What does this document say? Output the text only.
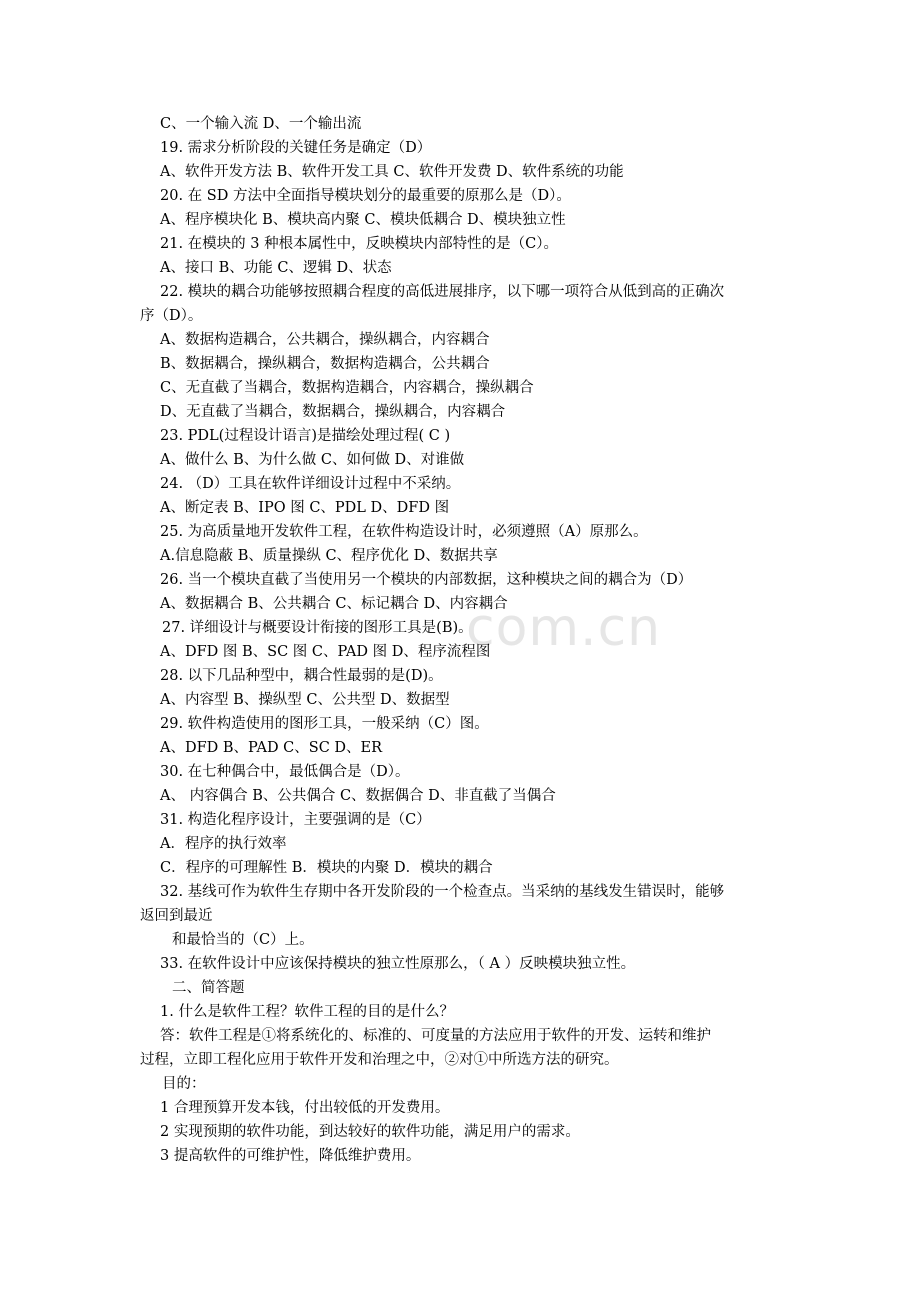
com.cn
C、一个输入流 D、一个输出流
19. 需求分析阶段的关键任务是确定（D）
A、软件开发方法 B、软件开发工具 C、软件开发费 D、软件系统的功能
20. 在 SD 方法中全面指导模块划分的最重要的原那么是（D）。
A、程序模块化 B、模块高内聚 C、模块低耦合 D、模块独立性
21. 在模块的 3 种根本属性中，反映模块内部特性的是（C）。
A、接口 B、功能 C、逻辑 D、状态
22. 模块的耦合功能够按照耦合程度的高低进展排序，以下哪一项符合从低到高的正确次
序（D）。
A、数据构造耦合，公共耦合，操纵耦合，内容耦合
B、数据耦合，操纵耦合，数据构造耦合，公共耦合
C、无直截了当耦合，数据构造耦合，内容耦合，操纵耦合
D、无直截了当耦合，数据耦合，操纵耦合，内容耦合
23. PDL(过程设计语言)是描绘处理过程( C )
A、做什么 B、为什么做 C、如何做 D、对谁做
24. （D）工具在软件详细设计过程中不采纳。
A、断定表 B、IPO 图 C、PDL D、DFD 图
25. 为高质量地开发软件工程，在软件构造设计时，必须遵照（A）原那么。
A.信息隐蔽 B、质量操纵 C、程序优化 D、数据共享
26. 当一个模块直截了当使用另一个模块的内部数据，这种模块之间的耦合为（D）
A、数据耦合 B、公共耦合 C、标记耦合 D、内容耦合
27. 详细设计与概要设计衔接的图形工具是(B)。
A、DFD 图 B、SC 图 C、PAD 图 D、程序流程图
28. 以下几品种型中，耦合性最弱的是(D)。
A、内容型 B、操纵型 C、公共型 D、数据型
29. 软件构造使用的图形工具，一般采纳（C）图。
A、DFD B、PAD C、SC D、ER
30. 在七种偶合中，最低偶合是（D）。
A、 内容偶合 B、公共偶合 C、数据偶合 D、非直截了当偶合
31. 构造化程序设计，主要强调的是（C）
A．程序的执行效率
C．程序的可理解性 B．模块的内聚 D．模块的耦合
32. 基线可作为软件生存期中各开发阶段的一个检查点。当采纳的基线发生错误时，能够
返回到最近
和最恰当的（C）上。
33. 在软件设计中应该保持模块的独立性原那么，（ A ）反映模块独立性。
二、简答题
1. 什么是软件工程？软件工程的目的是什么？
答：软件工程是①将系统化的、标准的、可度量的方法应用于软件的开发、运转和维护
过程，立即工程化应用于软件开发和治理之中，②对①中所选方法的研究。
目的：
1 合理预算开发本钱，付出较低的开发费用。
2 实现预期的软件功能，到达较好的软件功能，满足用户的需求。
3 提高软件的可维护性，降低维护费用。
